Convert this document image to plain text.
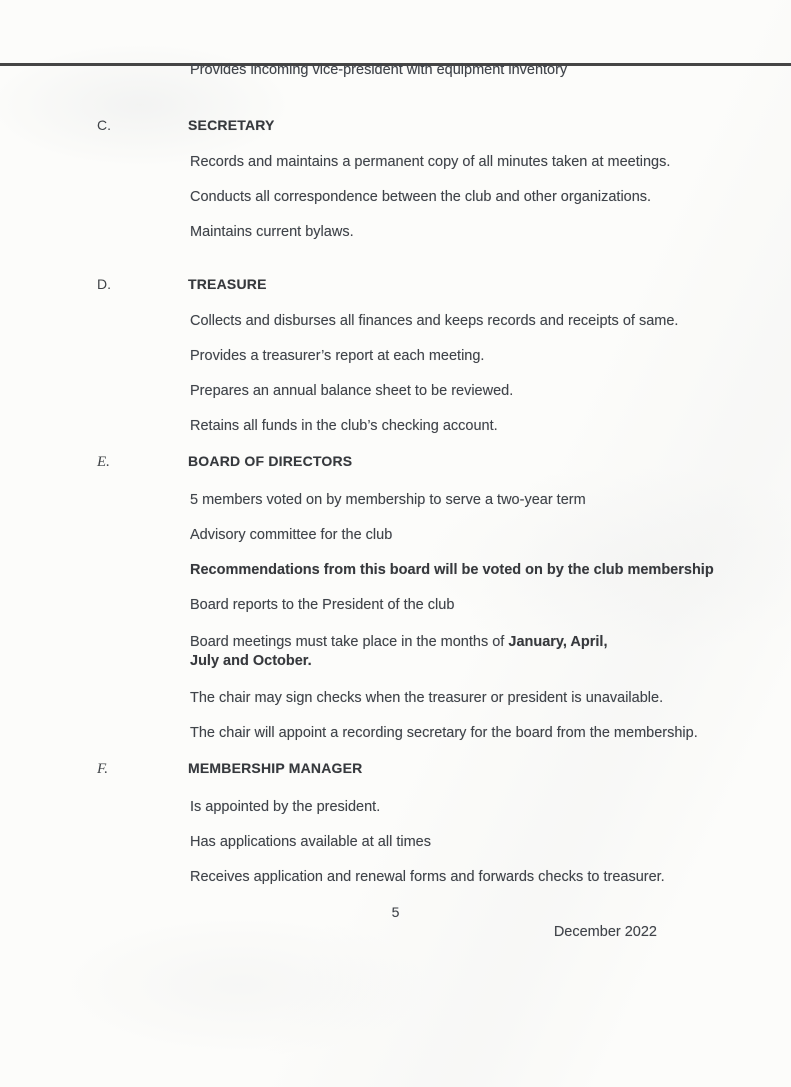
Provides incoming vice-president with equipment inventory

C.	SECRETARY

Records and maintains a permanent copy of all minutes taken at meetings.

Conducts all correspondence between the club and other organizations.

Maintains current bylaws.

D.	TREASURE

Collects and disburses all finances and keeps records and receipts of same.

Provides a treasurer’s report at each meeting.

Prepares an annual balance sheet to be reviewed.

Retains all funds in the club’s checking account.

E.	BOARD OF DIRECTORS

5 members voted on by membership to serve a two-year term

Advisory committee for the club

Recommendations from this board will be voted on by the club membership

Board reports to the President of the club

Board meetings must take place in the months of January, April, July and October.

The chair may sign checks when the treasurer or president is unavailable.

The chair will appoint a recording secretary for the board from the membership.

F.	MEMBERSHIP MANAGER

Is appointed by the president.

Has applications available at all times

Receives application and renewal forms and forwards checks to treasurer.

5

December 2022
